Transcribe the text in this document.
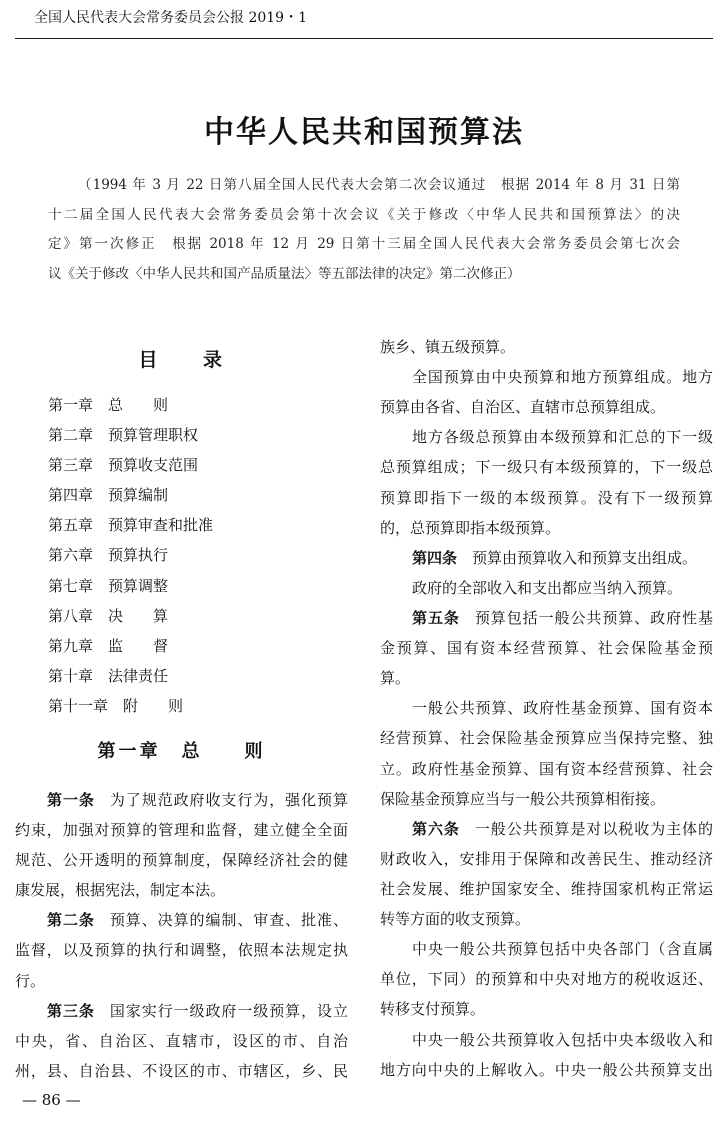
全国人民代表大会常务委员会公报 2019・1
中华人民共和国预算法
（1994 年 3 月 22 日第八届全国人民代表大会第二次会议通过　根据 2014 年 8 月 31 日第
十二届全国人民代表大会常务委员会第十次会议《关于修改〈中华人民共和国预算法〉的决
定》第一次修正　根据 2018 年 12 月 29 日第十三届全国人民代表大会常务委员会第七次会
议《关于修改〈中华人民共和国产品质量法〉等五部法律的决定》第二次修正）
目　　录
第一章 总　　则
第二章 预算管理职权
第三章 预算收支范围
第四章 预算编制
第五章 预算审查和批准
第六章 预算执行
第七章 预算调整
第八章 决　　算
第九章 监　　督
第十章 法律责任
第十一章 附　　则
第一章　总　　则
第一条 为了规范政府收支行为，强化预算
约束，加强对预算的管理和监督，建立健全全面
规范、公开透明的预算制度，保障经济社会的健
康发展，根据宪法，制定本法。
第二条 预算、决算的编制、审查、批准、
监督，以及预算的执行和调整，依照本法规定执
行。
第三条 国家实行一级政府一级预算，设立
中央，省、自治区、直辖市，设区的市、自治
州，县、自治县、不设区的市、市辖区，乡、民
族乡、镇五级预算。
全国预算由中央预算和地方预算组成。地方
预算由各省、自治区、直辖市总预算组成。
地方各级总预算由本级预算和汇总的下一级
总预算组成；下一级只有本级预算的，下一级总
预算即指下一级的本级预算。没有下一级预算
的，总预算即指本级预算。
第四条 预算由预算收入和预算支出组成。
政府的全部收入和支出都应当纳入预算。
第五条 预算包括一般公共预算、政府性基
金预算、国有资本经营预算、社会保险基金预
算。
一般公共预算、政府性基金预算、国有资本
经营预算、社会保险基金预算应当保持完整、独
立。政府性基金预算、国有资本经营预算、社会
保险基金预算应当与一般公共预算相衔接。
第六条 一般公共预算是对以税收为主体的
财政收入，安排用于保障和改善民生、推动经济
社会发展、维护国家安全、维持国家机构正常运
转等方面的收支预算。
中央一般公共预算包括中央各部门（含直属
单位，下同）的预算和中央对地方的税收返还、
转移支付预算。
中央一般公共预算收入包括中央本级收入和
地方向中央的上解收入。中央一般公共预算支出
— 86 —
